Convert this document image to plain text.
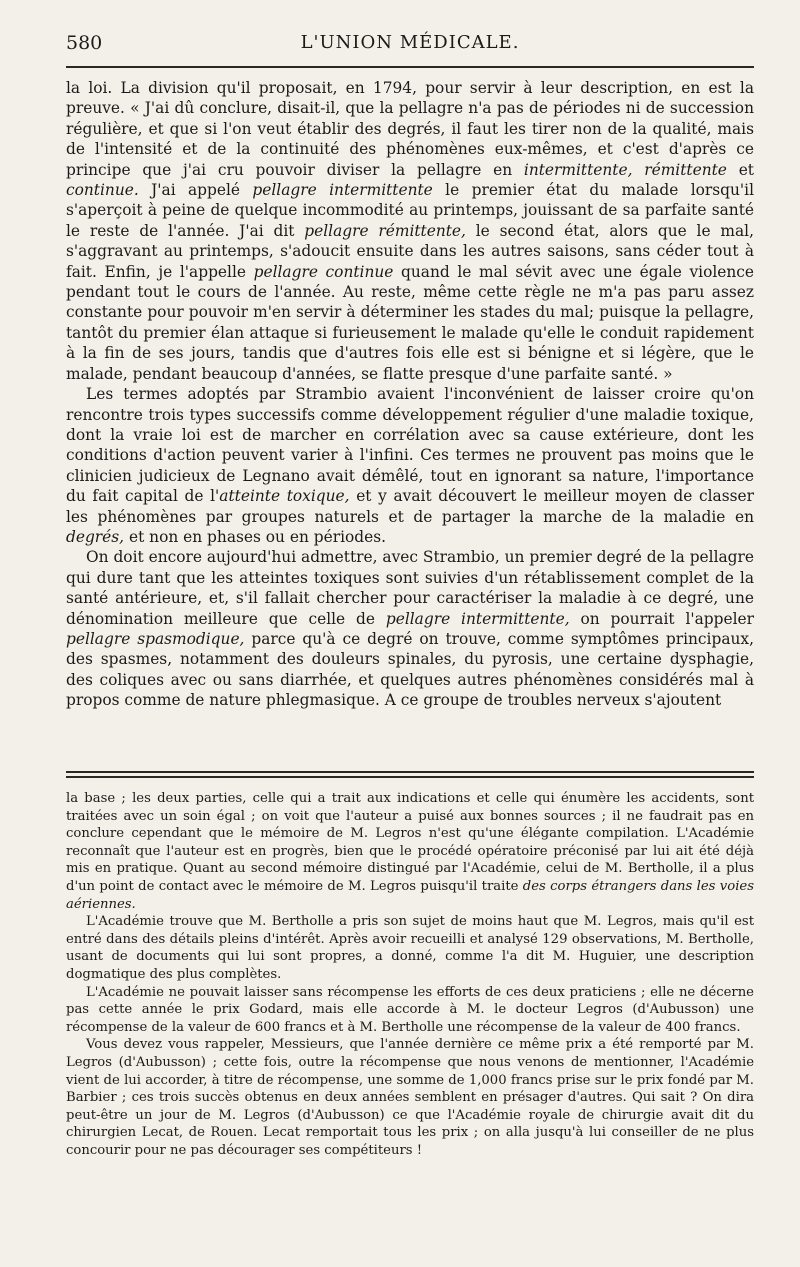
580	L'UNION MÉDICALE.

la loi. La division qu'il proposait, en 1794, pour servir à leur description, en est la preuve. « J'ai dû conclure, disait-il, que la pellagre n'a pas de périodes ni de succession régulière, et que si l'on veut établir des degrés, il faut les tirer non de la qualité, mais de l'intensité et de la continuité des phénomènes eux-mêmes, et c'est d'après ce principe que j'ai cru pouvoir diviser la pellagre en intermittente, rémittente et continue. J'ai appelé pellagre intermittente le premier état du malade lorsqu'il s'aperçoit à peine de quelque incommodité au printemps, jouissant de sa parfaite santé le reste de l'année. J'ai dit pellagre rémittente, le second état, alors que le mal, s'aggravant au printemps, s'adoucit ensuite dans les autres saisons, sans céder tout à fait. Enfin, je l'appelle pellagre continue quand le mal sévit avec une égale violence pendant tout le cours de l'année. Au reste, même cette règle ne m'a pas paru assez constante pour pouvoir m'en servir à déterminer les stades du mal; puisque la pellagre, tantôt du premier élan attaque si furieusement le malade qu'elle le conduit rapidement à la fin de ses jours, tandis que d'autres fois elle est si bénigne et si légère, que le malade, pendant beaucoup d'années, se flatte presque d'une parfaite santé. »

Les termes adoptés par Strambio avaient l'inconvénient de laisser croire qu'on rencontre trois types successifs comme développement régulier d'une maladie toxique, dont la vraie loi est de marcher en corrélation avec sa cause extérieure, dont les conditions d'action peuvent varier à l'infini. Ces termes ne prouvent pas moins que le clinicien judicieux de Legnano avait démêlé, tout en ignorant sa nature, l'importance du fait capital de l'atteinte toxique, et y avait découvert le meilleur moyen de classer les phénomènes par groupes naturels et de partager la marche de la maladie en degrés, et non en phases ou en périodes.

On doit encore aujourd'hui admettre, avec Strambio, un premier degré de la pellagre qui dure tant que les atteintes toxiques sont suivies d'un rétablissement complet de la santé antérieure, et, s'il fallait chercher pour caractériser la maladie à ce degré, une dénomination meilleure que celle de pellagre intermittente, on pourrait l'appeler pellagre spasmodique, parce qu'à ce degré on trouve, comme symptômes principaux, des spasmes, notamment des douleurs spinales, du pyrosis, une certaine dysphagie, des coliques avec ou sans diarrhée, et quelques autres phénomènes considérés mal à propos comme de nature phlegmasique. A ce groupe de troubles nerveux s'ajoutent

la base ; les deux parties, celle qui a trait aux indications et celle qui énumère les accidents, sont traitées avec un soin égal ; on voit que l'auteur a puisé aux bonnes sources ; il ne faudrait pas en conclure cependant que le mémoire de M. Legros n'est qu'une élégante compilation. L'Académie reconnaît que l'auteur est en progrès, bien que le procédé opératoire préconisé par lui ait été déjà mis en pratique. Quant au second mémoire distingué par l'Académie, celui de M. Bertholle, il a plus d'un point de contact avec le mémoire de M. Legros puisqu'il traite des corps étrangers dans les voies aériennes.

L'Académie trouve que M. Bertholle a pris son sujet de moins haut que M. Legros, mais qu'il est entré dans des détails pleins d'intérêt. Après avoir recueilli et analysé 129 observations, M. Bertholle, usant de documents qui lui sont propres, a donné, comme l'a dit M. Huguier, une description dogmatique des plus complètes.

L'Académie ne pouvait laisser sans récompense les efforts de ces deux praticiens ; elle ne décerne pas cette année le prix Godard, mais elle accorde à M. le docteur Legros (d'Aubusson) une récompense de la valeur de 600 francs et à M. Bertholle une récompense de la valeur de 400 francs.

Vous devez vous rappeler, Messieurs, que l'année dernière ce même prix a été remporté par M. Legros (d'Aubusson) ; cette fois, outre la récompense que nous venons de mentionner, l'Académie vient de lui accorder, à titre de récompense, une somme de 1,000 francs prise sur le prix fondé par M. Barbier ; ces trois succès obtenus en deux années semblent en présager d'autres. Qui sait ? On dira peut-être un jour de M. Legros (d'Aubusson) ce que l'Académie royale de chirurgie avait dit du chirurgien Lecat, de Rouen. Lecat remportait tous les prix ; on alla jusqu'à lui conseiller de ne plus concourir pour ne pas décourager ses compétiteurs !
